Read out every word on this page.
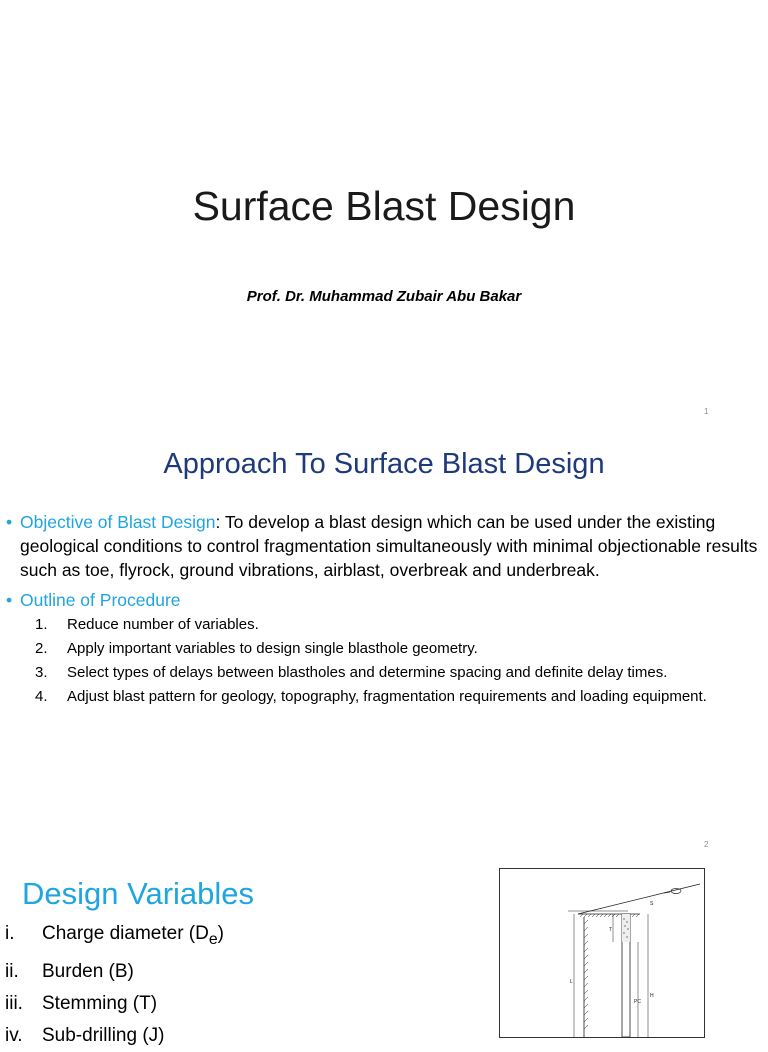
Surface Blast Design

Prof. Dr. Muhammad Zubair Abu Bakar

1
Approach To Surface Blast Design
• Objective of Blast Design: To develop a blast design which can be used under the existing geological conditions to control fragmentation simultaneously with minimal objectionable results such as toe, flyrock, ground vibrations, airblast, overbreak and underbreak.
• Outline of Procedure
1. Reduce number of variables.
2. Apply important variables to design single blasthole geometry.
3. Select types of delays between blastholes and determine spacing and definite delay times.
4. Adjust blast pattern for geology, topography, fragmentation requirements and loading equipment.
2
Design Variables
i. Charge diameter $(D_e)$
ii. Burden (B)
iii. Stemming (T)
iv. Sub-drilling (J)
S
T
PC
H
L
